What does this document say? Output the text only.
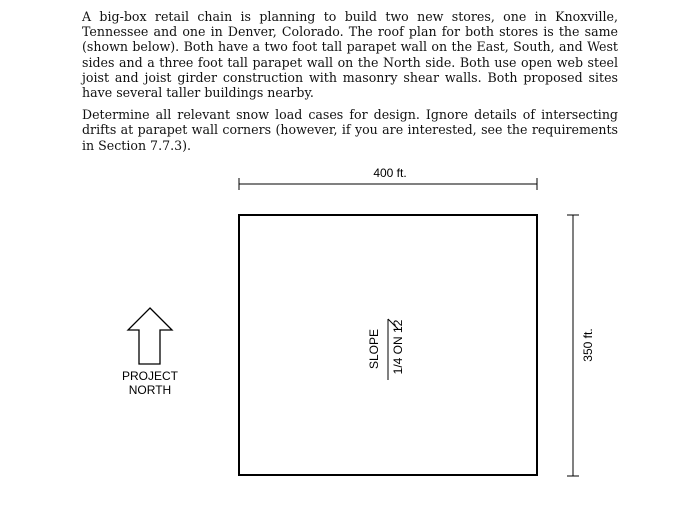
A big-box retail chain is planning to build two new stores, one in Knoxville, Tennessee and one in Denver, Colorado. The roof plan for both stores is the same (shown below). Both have a two foot tall parapet wall on the East, South, and West sides and a three foot tall parapet wall on the North side. Both use open web steel joist and joist girder construction with masonry shear walls. Both proposed sites have several taller buildings nearby.

Determine all relevant snow load cases for design. Ignore details of intersecting drifts at parapet wall corners (however, if you are interested, see the requirements in Section 7.7.3).

400 ft.
350 ft.
SLOPE 1/4 ON 12
PROJECT
NORTH
